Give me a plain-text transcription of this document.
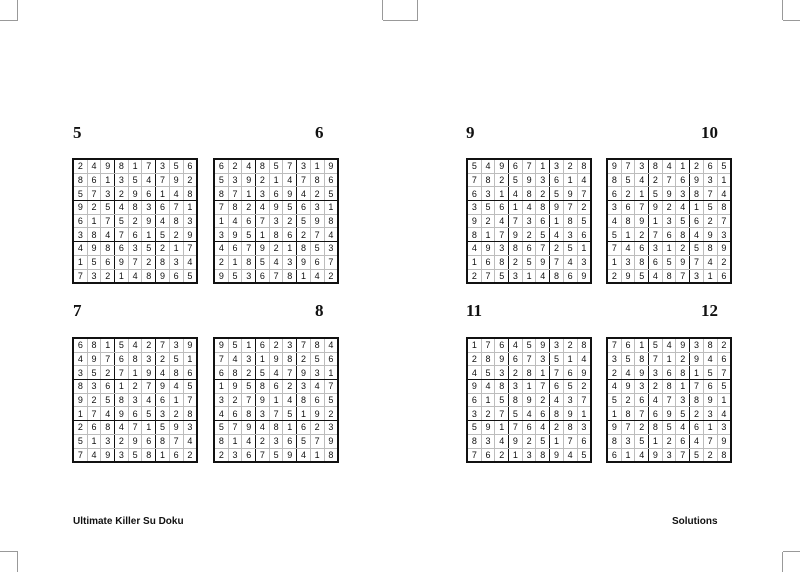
5	6
2	4	9	8	1	7	3	5	6
8	6	1	3	5	4	7	9	2
5	7	3	2	9	6	1	4	8
9	2	5	4	8	3	6	7	1
6	1	7	5	2	9	4	8	3
3	8	4	7	6	1	5	2	9
4	9	8	6	3	5	2	1	7
1	5	6	9	7	2	8	3	4
7	3	2	1	4	8	9	6	5
6	2	4	8	5	7	3	1	9
5	3	9	2	1	4	7	8	6
8	7	1	3	6	9	4	2	5
7	8	2	4	9	5	6	3	1
1	4	6	7	3	2	5	9	8
3	9	5	1	8	6	2	7	4
4	6	7	9	2	1	8	5	3
2	1	8	5	4	3	9	6	7
9	5	3	6	7	8	1	4	2
7	8
6	8	1	5	4	2	7	3	9
4	9	7	6	8	3	2	5	1
3	5	2	7	1	9	4	8	6
8	3	6	1	2	7	9	4	5
9	2	5	8	3	4	6	1	7
1	7	4	9	6	5	3	2	8
2	6	8	4	7	1	5	9	3
5	1	3	2	9	6	8	7	4
7	4	9	3	5	8	1	6	2
9	5	1	6	2	3	7	8	4
7	4	3	1	9	8	2	5	6
6	8	2	5	4	7	9	3	1
1	9	5	8	6	2	3	4	7
3	2	7	9	1	4	8	6	5
4	6	8	3	7	5	1	9	2
5	7	9	4	8	1	6	2	3
8	1	4	2	3	6	5	7	9
2	3	6	7	5	9	4	1	8
Ultimate Killer Su Doku
9	10
5	4	9	6	7	1	3	2	8
7	8	2	5	9	3	6	1	4
6	3	1	4	8	2	5	9	7
3	5	6	1	4	8	9	7	2
9	2	4	7	3	6	1	8	5
8	1	7	9	2	5	4	3	6
4	9	3	8	6	7	2	5	1
1	6	8	2	5	9	7	4	3
2	7	5	3	1	4	8	6	9
9	7	3	8	4	1	2	6	5
8	5	4	2	7	6	9	3	1
6	2	1	5	9	3	8	7	4
3	6	7	9	2	4	1	5	8
4	8	9	1	3	5	6	2	7
5	1	2	7	6	8	4	9	3
7	4	6	3	1	2	5	8	9
1	3	8	6	5	9	7	4	2
2	9	5	4	8	7	3	1	6
11	12
1	7	6	4	5	9	3	2	8
2	8	9	6	7	3	5	1	4
4	5	3	2	8	1	7	6	9
9	4	8	3	1	7	6	5	2
6	1	5	8	9	2	4	3	7
3	2	7	5	4	6	8	9	1
5	9	1	7	6	4	2	8	3
8	3	4	9	2	5	1	7	6
7	6	2	1	3	8	9	4	5
7	6	1	5	4	9	3	8	2
3	5	8	7	1	2	9	4	6
2	4	9	3	6	8	1	5	7
4	9	3	2	8	1	7	6	5
5	2	6	4	7	3	8	9	1
1	8	7	6	9	5	2	3	4
9	7	2	8	5	4	6	1	3
8	3	5	1	2	6	4	7	9
6	1	4	9	3	7	5	2	8
Solutions
